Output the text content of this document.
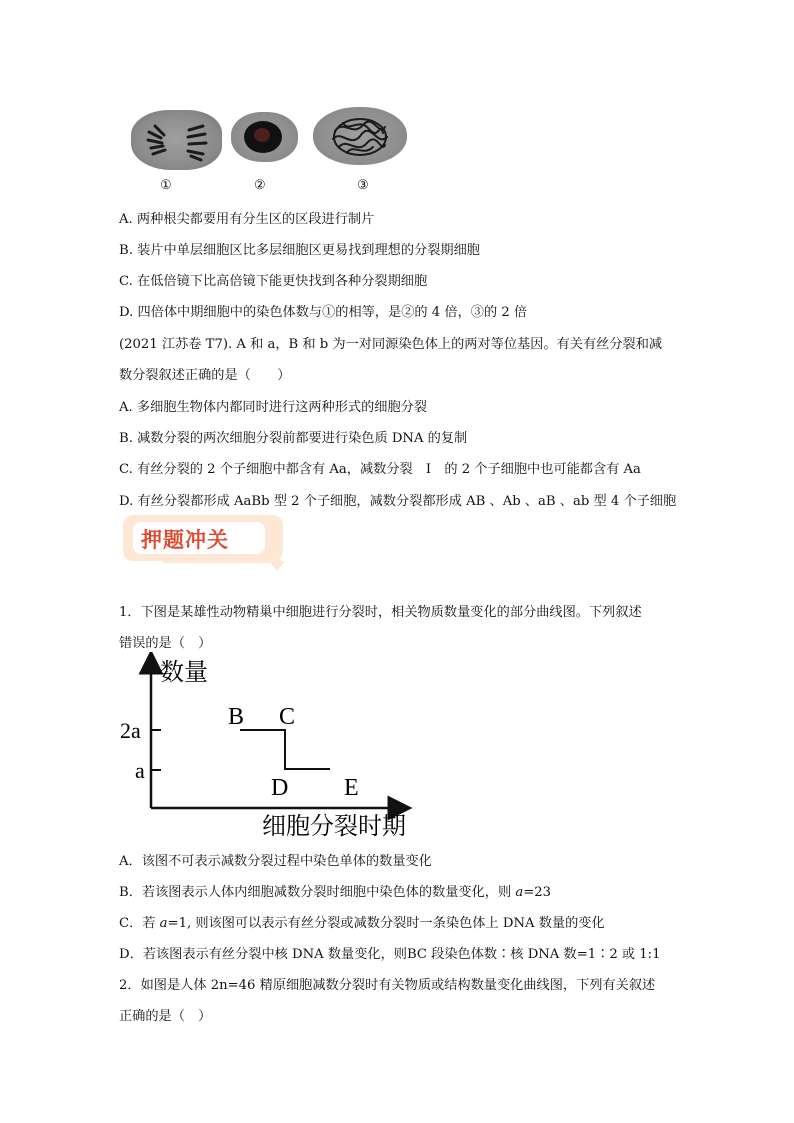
①	②	③
A. 两种根尖都要用有分生区的区段进行制片
B. 装片中单层细胞区比多层细胞区更易找到理想的分裂期细胞
C. 在低倍镜下比高倍镜下能更快找到各种分裂期细胞
D. 四倍体中期细胞中的染色体数与①的相等，是②的 4 倍，③的 2 倍
(2021 江苏卷 T7). A 和 a，B 和 b 为一对同源染色体上的两对等位基因。有关有丝分裂和减
数分裂叙述正确的是（　　）
A. 多细胞生物体内都同时进行这两种形式的细胞分裂
B. 减数分裂的两次细胞分裂前都要进行染色质 DNA 的复制
C. 有丝分裂的 2 个子细胞中都含有 Aa，减数分裂　I　的 2 个子细胞中也可能都含有 Aa
D. 有丝分裂都形成 AaBb 型 2 个子细胞，减数分裂都形成 AB 、Ab 、aB 、ab 型 4 个子细胞
押题冲关
1．下图是某雄性动物精巢中细胞进行分裂时，相关物质数量变化的部分曲线图。下列叙述
错误的是（　）
数量
细胞分裂时期
2a
a
B C
D E
A．该图不可表示减数分裂过程中染色单体的数量变化
B．若该图表示人体内细胞减数分裂时细胞中染色体的数量变化，则 a=23
C．若 a=1, 则该图可以表示有丝分裂或减数分裂时一条染色体上 DNA 数量的变化
D．若该图表示有丝分裂中核 DNA 数量变化，则BC 段染色体数∶核 DNA 数=1∶2 或 1:1
2．如图是人体 2n=46 精原细胞减数分裂时有关物质或结构数量变化曲线图，下列有关叙述
正确的是（　）
